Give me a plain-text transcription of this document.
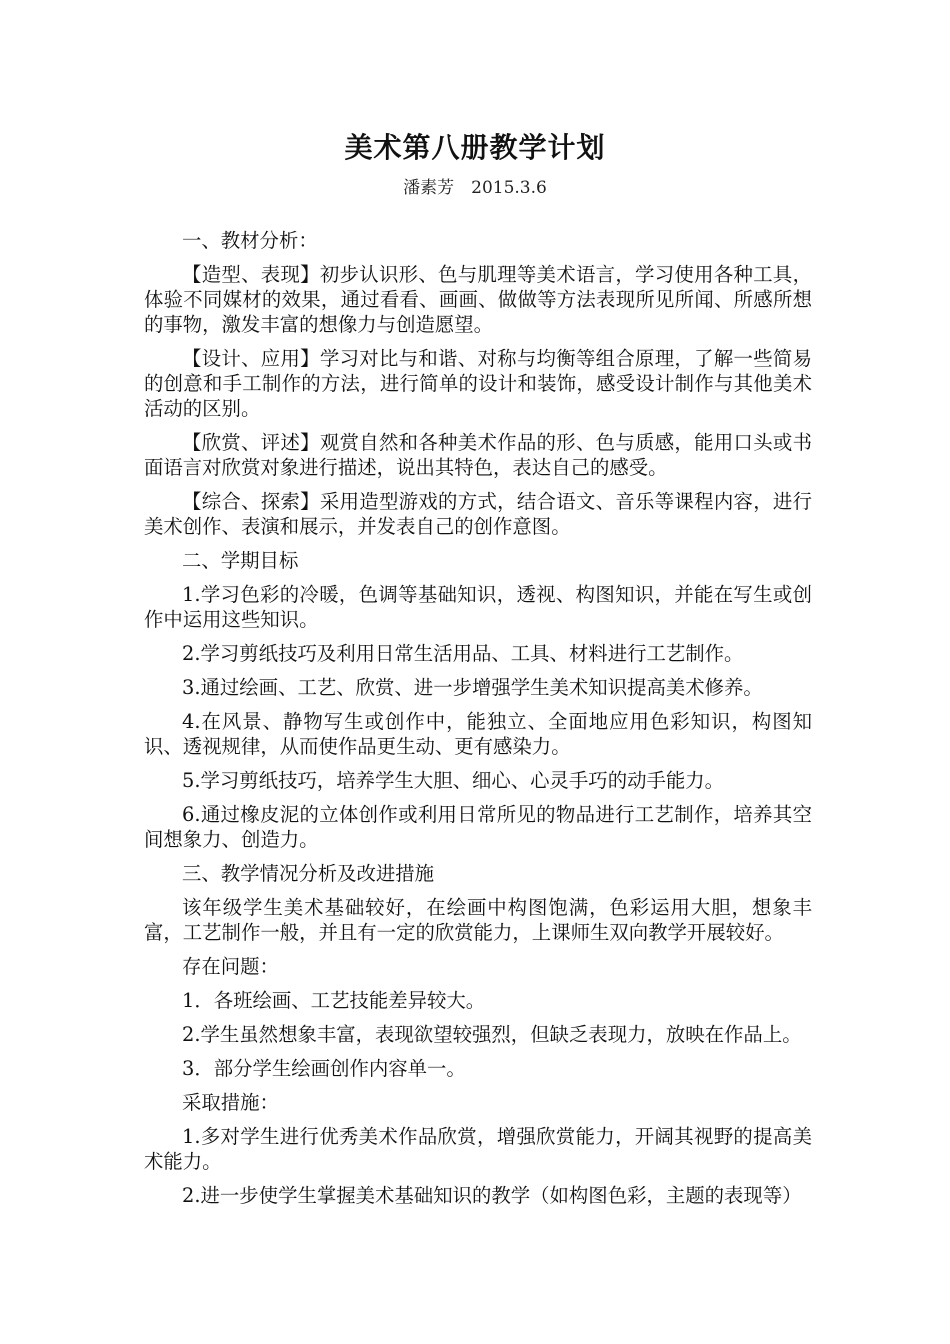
美术第八册教学计划

潘素芳　2015.3.6

一、教材分析：

【造型、表现】初步认识形、色与肌理等美术语言，学习使用各种工具，体验不同媒材的效果，通过看看、画画、做做等方法表现所见所闻、所感所想的事物，激发丰富的想像力与创造愿望。

【设计、应用】学习对比与和谐、对称与均衡等组合原理，了解一些简易的创意和手工制作的方法，进行简单的设计和装饰，感受设计制作与其他美术活动的区别。

【欣赏、评述】观赏自然和各种美术作品的形、色与质感，能用口头或书面语言对欣赏对象进行描述，说出其特色，表达自己的感受。

【综合、探索】采用造型游戏的方式，结合语文、音乐等课程内容，进行美术创作、表演和展示，并发表自己的创作意图。

二、学期目标

1.学习色彩的冷暖，色调等基础知识，透视、构图知识，并能在写生或创作中运用这些知识。

2.学习剪纸技巧及利用日常生活用品、工具、材料进行工艺制作。

3.通过绘画、工艺、欣赏、进一步增强学生美术知识提高美术修养。

4.在风景、静物写生或创作中，能独立、全面地应用色彩知识，构图知识、透视规律，从而使作品更生动、更有感染力。

5.学习剪纸技巧，培养学生大胆、细心、心灵手巧的动手能力。

6.通过橡皮泥的立体创作或利用日常所见的物品进行工艺制作，培养其空间想象力、创造力。

三、教学情况分析及改进措施

该年级学生美术基础较好，在绘画中构图饱满，色彩运用大胆，想象丰富，工艺制作一般，并且有一定的欣赏能力，上课师生双向教学开展较好。

存在问题：

1．各班绘画、工艺技能差异较大。

2.学生虽然想象丰富，表现欲望较强烈，但缺乏表现力，放映在作品上。

3．部分学生绘画创作内容单一。

采取措施：

1.多对学生进行优秀美术作品欣赏，增强欣赏能力，开阔其视野的提高美术能力。

2.进一步使学生掌握美术基础知识的教学（如构图色彩，主题的表现等）
